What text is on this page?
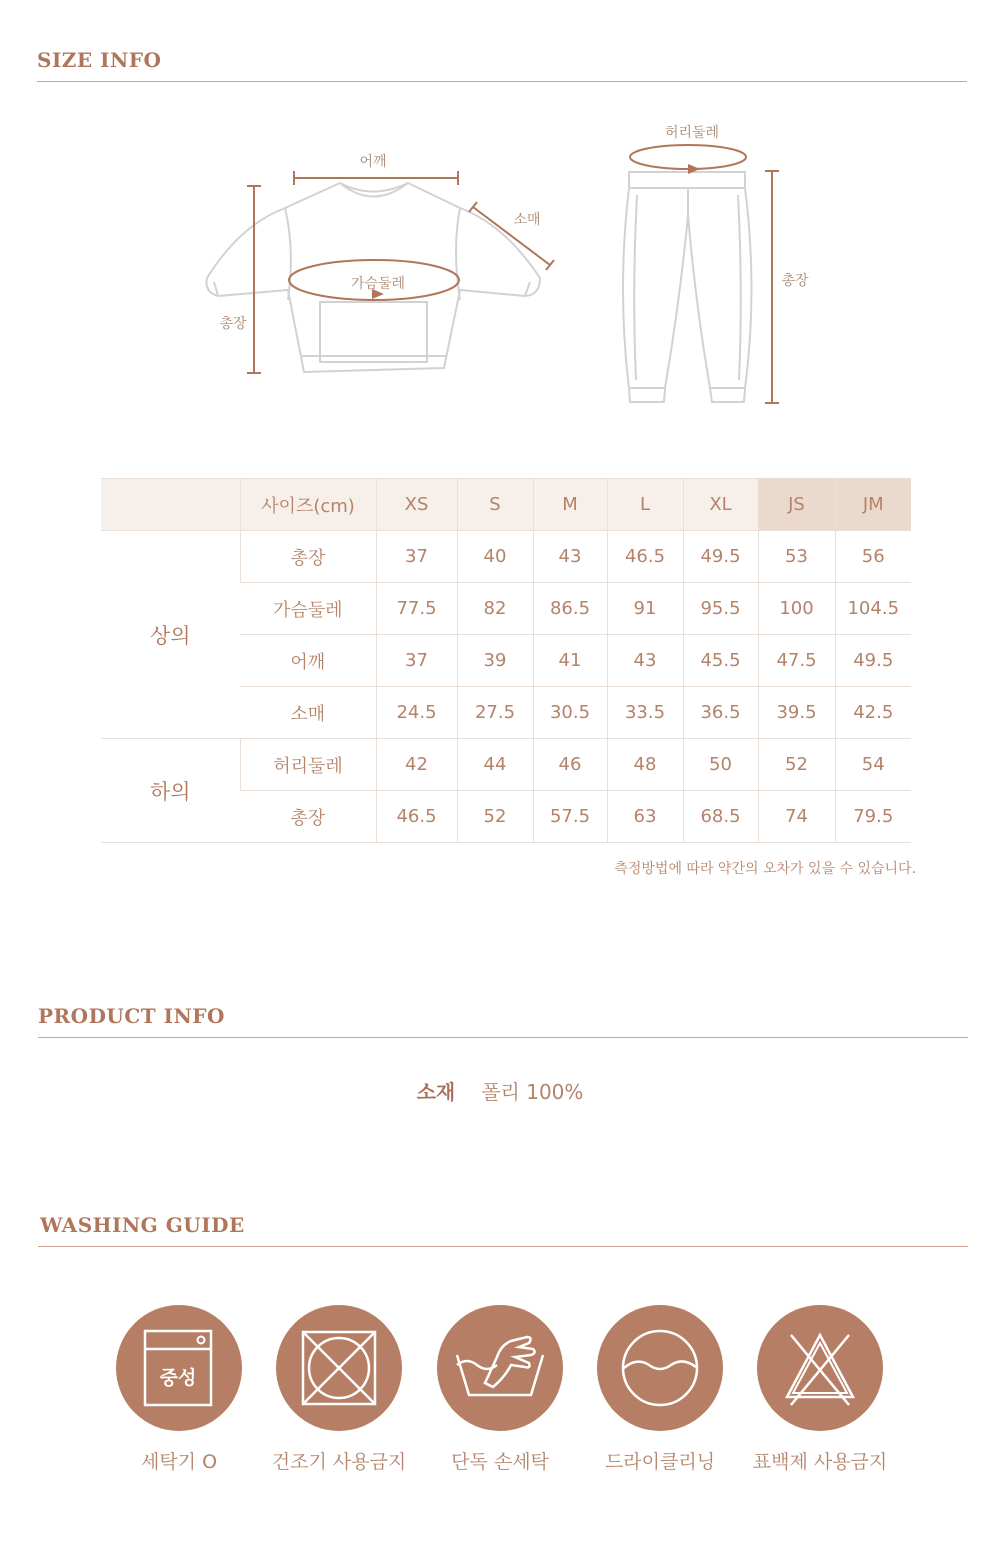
SIZE INFO
어깨
소매
가슴둘레
총장
허리둘레
총장
	사이즈(cm)	XS	S	M	L	XL	JS	JM
상의	총장	37	40	43	46.5	49.5	53	56
	가슴둘레	77.5	82	86.5	91	95.5	100	104.5
	어깨	37	39	41	43	45.5	47.5	49.5
	소매	24.5	27.5	30.5	33.5	36.5	39.5	42.5
하의	허리둘레	42	44	46	48	50	52	54
	총장	46.5	52	57.5	63	68.5	74	79.5
측정방법에 따라 약간의 오차가 있을 수 있습니다.
PRODUCT INFO
소재 폴리 100%
WASHING GUIDE
중성
세탁기 O	건조기 사용금지	단독 손세탁	드라이클리닝	표백제 사용금지
